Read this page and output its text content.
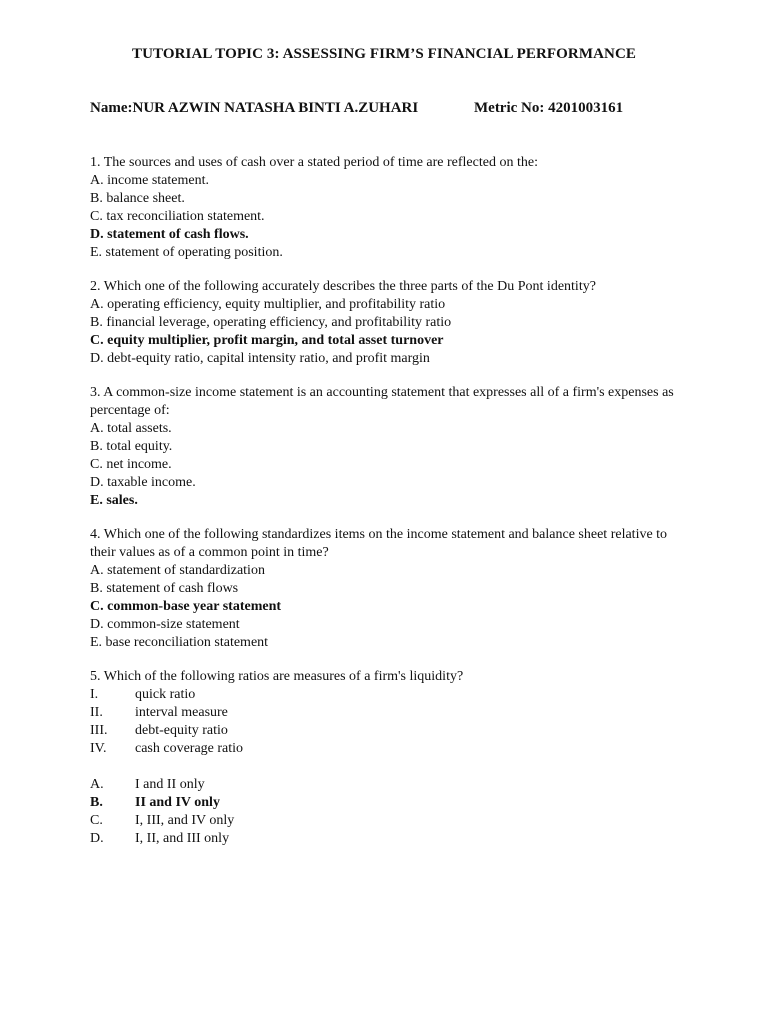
TUTORIAL TOPIC 3: ASSESSING FIRM’S FINANCIAL PERFORMANCE
Name:NUR AZWIN NATASHA BINTI A.ZUHARI	Metric No: 4201003161

1. The sources and uses of cash over a stated period of time are reflected on the:

A. income statement.

B. balance sheet.

C. tax reconciliation statement.

D. statement of cash flows.

E. statement of operating position.

2. Which one of the following accurately describes the three parts of the Du Pont identity?

A. operating efficiency, equity multiplier, and profitability ratio

B. financial leverage, operating efficiency, and profitability ratio

C. equity multiplier, profit margin, and total asset turnover

D. debt-equity ratio, capital intensity ratio, and profit margin

3. A common-size income statement is an accounting statement that expresses all of a firm's expenses as percentage of:

A. total assets.

B. total equity.

C. net income.

D. taxable income.

E. sales.

4. Which one of the following standardizes items on the income statement and balance sheet relative to their values as of a common point in time?

A. statement of standardization

B. statement of cash flows

C. common-base year statement

D. common-size statement

E. base reconciliation statement

5. Which of the following ratios are measures of a firm's liquidity?

I.	quick ratio
II.	interval measure
III.	debt-equity ratio
IV.	cash coverage ratio
A.	I and II only
B.	II and IV only
C.	I, III, and IV only
D.	I, II, and III only
